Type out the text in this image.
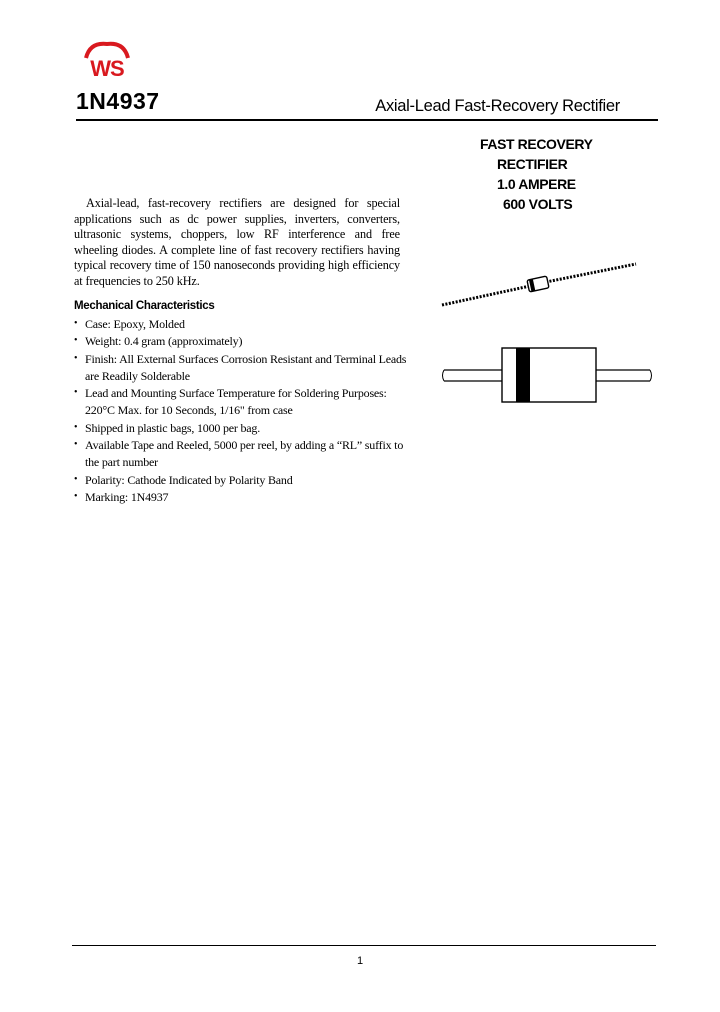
WS
1N4937	Axial-Lead Fast-Recovery Rectifier
FAST RECOVERY
RECTIFIER
1.0 AMPERE
600 VOLTS

Axial-lead, fast-recovery rectifiers are designed for special applications such as dc power supplies, inverters, converters, ultrasonic systems, choppers, low RF interference and free wheeling diodes. A complete line of fast recovery rectifiers having typical recovery time of 150 nanoseconds providing high efficiency at frequencies to 250 kHz.

Mechanical Characteristics
• Case: Epoxy, Molded
• Weight: 0.4 gram (approximately)
• Finish: All External Surfaces Corrosion Resistant and Terminal Leads are Readily Solderable
• Lead and Mounting Surface Temperature for Soldering Purposes: 220°C Max. for 10 Seconds, 1/16" from case
• Shipped in plastic bags, 1000 per bag.
• Available Tape and Reeled, 5000 per reel, by adding a “RL” suffix to the part number
• Polarity: Cathode Indicated by Polarity Band
• Marking: 1N4937
1
